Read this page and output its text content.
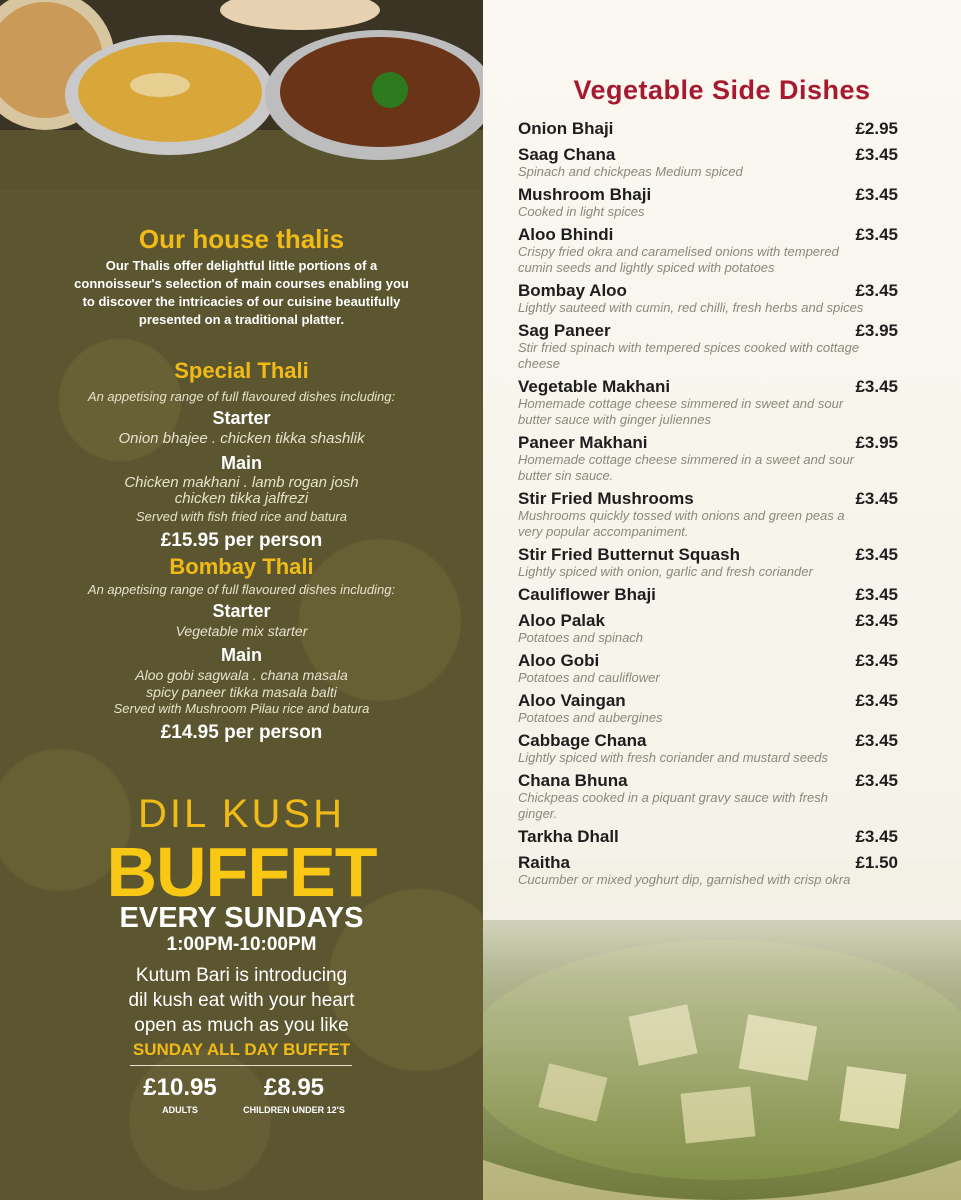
Our house thalis
Our Thalis offer delightful little portions of a connoisseur's selection of main courses enabling you to discover the intricacies of our cuisine beautifully presented on a traditional platter.
Special Thali
An appetising range of full flavoured dishes including:
Starter
Onion bhajee . chicken tikka shashlik
Main
Chicken makhani . lamb rogan josh
chicken tikka jalfrezi
Served with fish fried rice and batura
£15.95 per person
Bombay Thali
An appetising range of full flavoured dishes including:
Starter
Vegetable mix starter
Main
Aloo gobi sagwala . chana masala
spicy paneer tikka masala balti
Served with Mushroom Pilau rice and batura
£14.95 per person
DIL KUSH
BUFFET
EVERY SUNDAYS
1:00PM-10:00PM
Kutum Bari is introducing
dil kush eat with your heart
open as much as you like
SUNDAY ALL DAY BUFFET
£10.95
ADULTS
£8.95
CHILDREN UNDER 12'S
Vegetable Side Dishes
Onion Bhaji	£2.95
Saag Chana	£3.45
Spinach and chickpeas Medium spiced
Mushroom Bhaji	£3.45
Cooked in light spices
Aloo Bhindi	£3.45
Crispy fried okra and caramelised onions with tempered cumin seeds and lightly spiced with potatoes
Bombay Aloo	£3.45
Lightly sauteed with cumin, red chilli, fresh herbs and spices
Sag Paneer	£3.95
Stir fried spinach with tempered spices cooked with cottage cheese
Vegetable Makhani	£3.45
Homemade cottage cheese simmered in sweet and sour butter sauce with ginger juliennes
Paneer Makhani	£3.95
Homemade cottage cheese simmered in a sweet and sour butter sin sauce.
Stir Fried Mushrooms	£3.45
Mushrooms quickly tossed with onions and green peas a very popular accompaniment.
Stir Fried Butternut Squash	£3.45
Lightly spiced with onion, garlic and fresh coriander
Cauliflower Bhaji	£3.45
Aloo Palak	£3.45
Potatoes and spinach
Aloo Gobi	£3.45
Potatoes and cauliflower
Aloo Vaingan	£3.45
Potatoes and aubergines
Cabbage Chana	£3.45
Lightly spiced with fresh coriander and mustard seeds
Chana Bhuna	£3.45
Chickpeas cooked in a piquant gravy sauce with fresh ginger.
Tarkha Dhall	£3.45
Raitha	£1.50
Cucumber or mixed yoghurt dip, garnished with crisp okra
